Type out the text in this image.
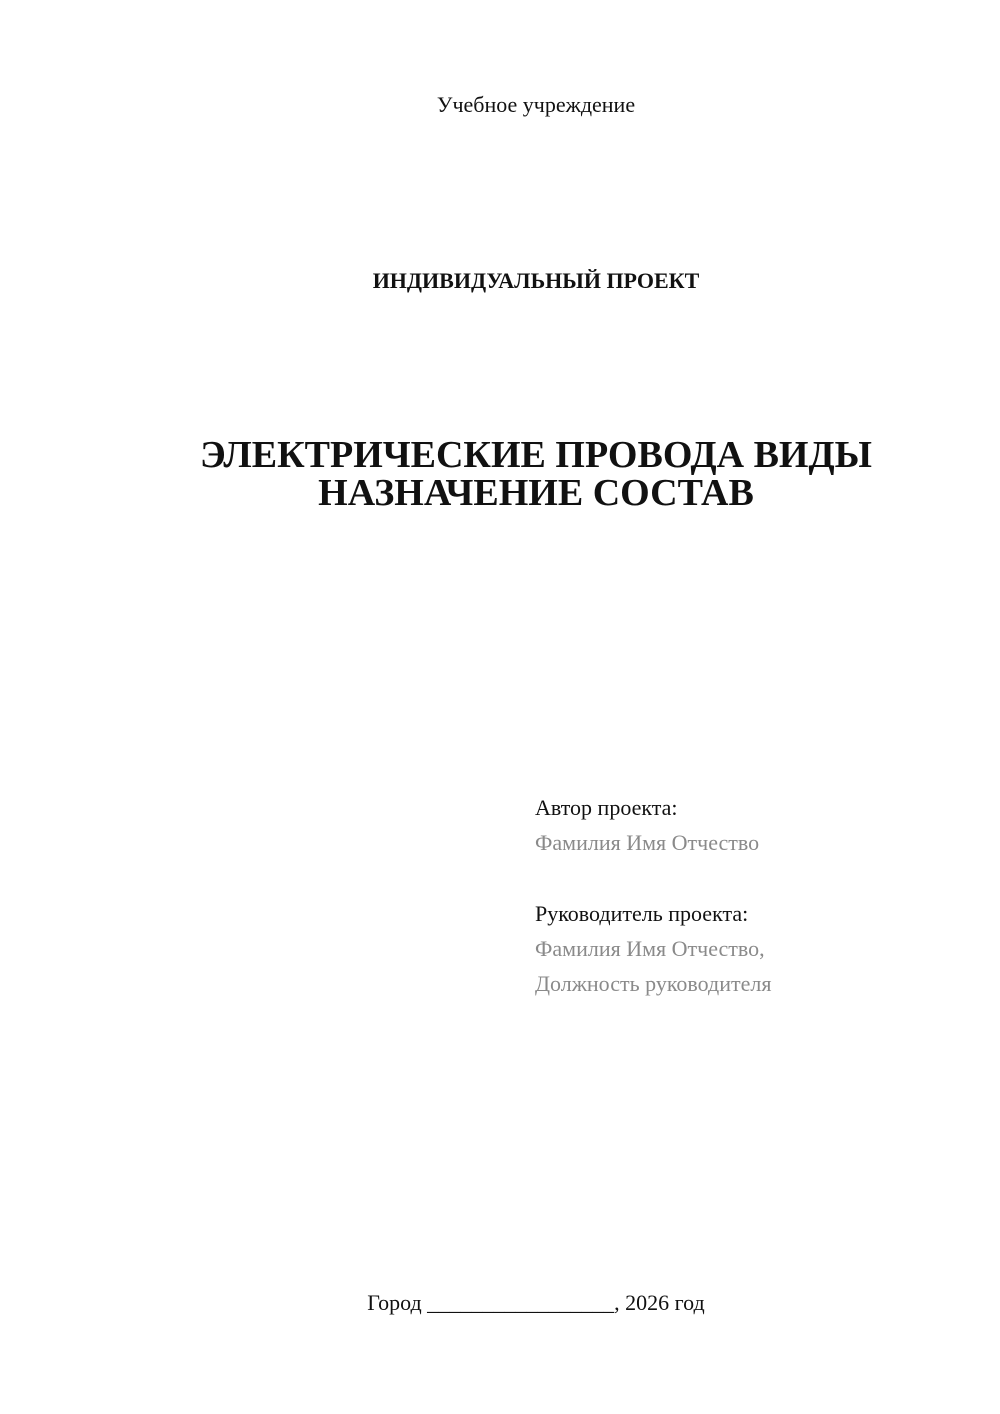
Учебное учреждение
ИНДИВИДУАЛЬНЫЙ ПРОЕКТ
ЭЛЕКТРИЧЕСКИЕ ПРОВОДА ВИДЫ
НАЗНАЧЕНИЕ СОСТАВ
Автор проекта:
Фамилия Имя Отчество
Руководитель проекта:
Фамилия Имя Отчество,
Должность руководителя
Город _________________, 2026 год
